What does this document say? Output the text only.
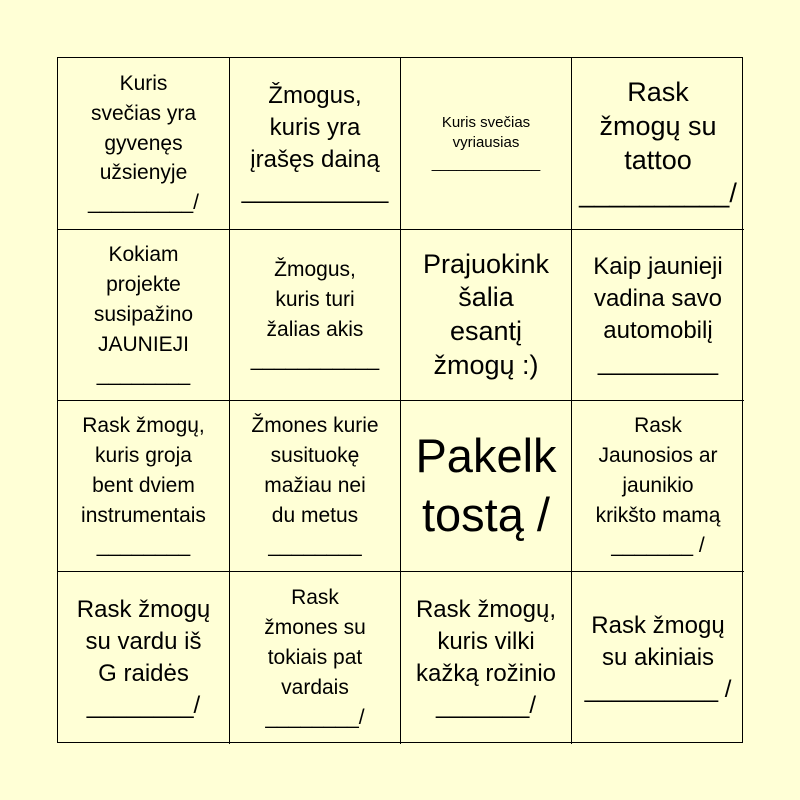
Kuris
svečias yra
gyvenęs
užsienyje
_________/
Žmogus,
kuris yra
įrašęs dainą
___________
Kuris svečias
vyriausias
_____________
Rask
žmogų su
tattoo
__________/
Kokiam
projekte
susipažino
JAUNIEJI
________
Žmogus,
kuris turi
žalias akis
___________
Prajuokink
šalia
esantį
žmogų :)
Kaip jaunieji
vadina savo
automobilį
_________
Rask žmogų,
kuris groja
bent dviem
instrumentais
________
Žmones kurie
susituokę
mažiau nei
du metus
________
Pakelk
tostą /
Rask
Jaunosios ar
jaunikio
krikšto mamą
_______ /
Rask žmogų
su vardu iš
G raidės
________/
Rask
žmones su
tokiais pat
vardais
________/
Rask žmogų,
kuris vilki
kažką rožinio
_______/
Rask žmogų
su akiniais
__________ /
